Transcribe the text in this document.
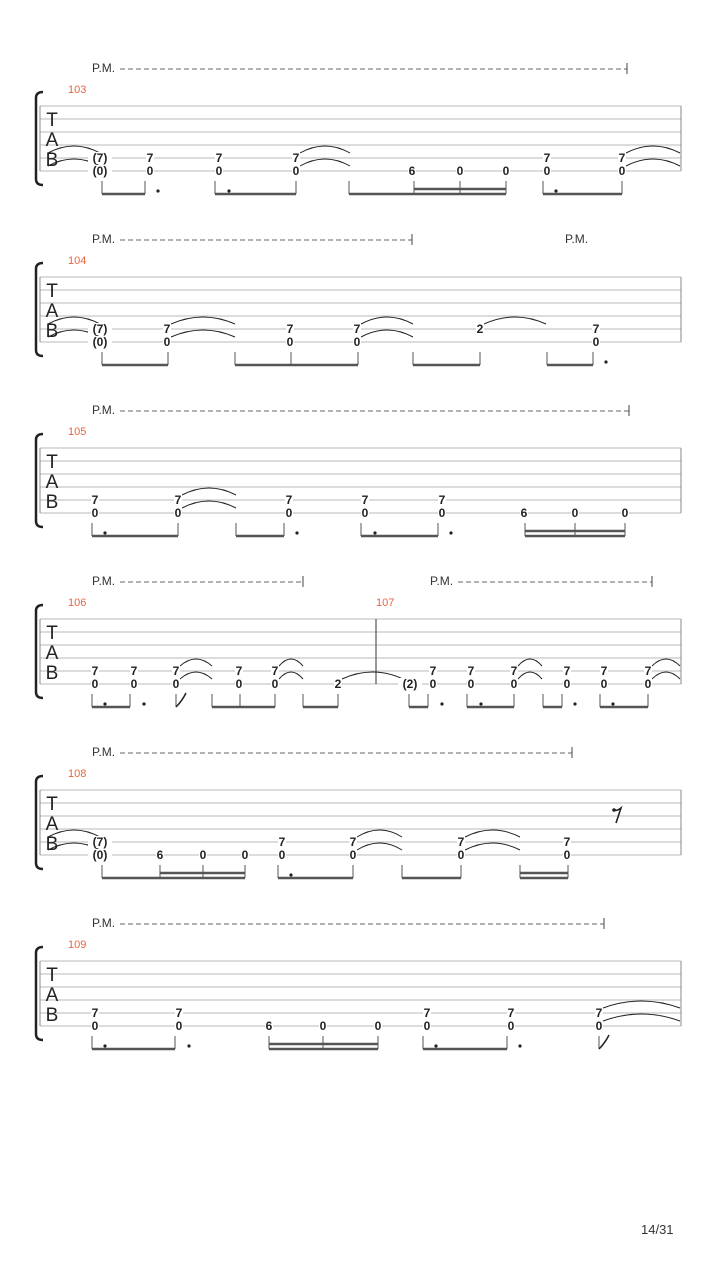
T
A
B
P.M.
103
(7)
(0)
7
0
7
0
7
0	6	0	0
7
0
7
0
T
A
B
P.M.	P.M.
104
(7)
(0)
7
0
7
0
7
0
2	7
0
T
A
B
P.M.
105
7
0
7
0
7
0
7
0
7
0	6	0	0
T
A
B
P.M.	P.M.
106
7
0
7
0
7
0
7
0
7
0	2
107
(2)
7
0
7
0
7
0
7
0
7
0
7
0
T
A
B
P.M.
108
(7)
(0)	6	0	0
7
0
7
0
7
0
7
0
T
A
B
P.M.
109
7
0
7
0	6	0	0
7
0
7
0
7
0
14/31
